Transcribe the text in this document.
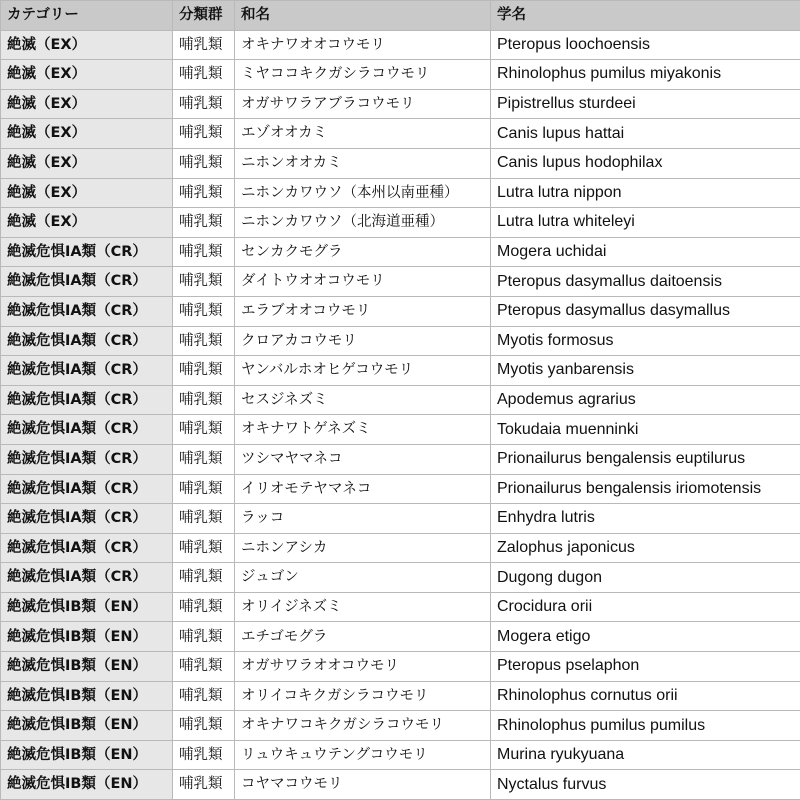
カテゴリー	分類群	和名	学名
絶滅（EX）	哺乳類	オキナワオオコウモリ	Pteropus loochoensis
絶滅（EX）	哺乳類	ミヤココキクガシラコウモリ	Rhinolophus pumilus miyakonis
絶滅（EX）	哺乳類	オガサワラアブラコウモリ	Pipistrellus sturdeei
絶滅（EX）	哺乳類	エゾオオカミ	Canis lupus hattai
絶滅（EX）	哺乳類	ニホンオオカミ	Canis lupus hodophilax
絶滅（EX）	哺乳類	ニホンカワウソ（本州以南亜種）	Lutra lutra nippon
絶滅（EX）	哺乳類	ニホンカワウソ（北海道亜種）	Lutra lutra whiteleyi
絶滅危惧IA類（CR）	哺乳類	センカクモグラ	Mogera uchidai
絶滅危惧IA類（CR）	哺乳類	ダイトウオオコウモリ	Pteropus dasymallus daitoensis
絶滅危惧IA類（CR）	哺乳類	エラブオオコウモリ	Pteropus dasymallus dasymallus
絶滅危惧IA類（CR）	哺乳類	クロアカコウモリ	Myotis formosus
絶滅危惧IA類（CR）	哺乳類	ヤンバルホオヒゲコウモリ	Myotis yanbarensis
絶滅危惧IA類（CR）	哺乳類	セスジネズミ	Apodemus agrarius
絶滅危惧IA類（CR）	哺乳類	オキナワトゲネズミ	Tokudaia muenninki
絶滅危惧IA類（CR）	哺乳類	ツシマヤマネコ	Prionailurus bengalensis euptilurus
絶滅危惧IA類（CR）	哺乳類	イリオモテヤマネコ	Prionailurus bengalensis iriomotensis
絶滅危惧IA類（CR）	哺乳類	ラッコ	Enhydra lutris
絶滅危惧IA類（CR）	哺乳類	ニホンアシカ	Zalophus japonicus
絶滅危惧IA類（CR）	哺乳類	ジュゴン	Dugong dugon
絶滅危惧IB類（EN）	哺乳類	オリイジネズミ	Crocidura orii
絶滅危惧IB類（EN）	哺乳類	エチゴモグラ	Mogera etigo
絶滅危惧IB類（EN）	哺乳類	オガサワラオオコウモリ	Pteropus pselaphon
絶滅危惧IB類（EN）	哺乳類	オリイコキクガシラコウモリ	Rhinolophus cornutus orii
絶滅危惧IB類（EN）	哺乳類	オキナワコキクガシラコウモリ	Rhinolophus pumilus pumilus
絶滅危惧IB類（EN）	哺乳類	リュウキュウテングコウモリ	Murina ryukyuana
絶滅危惧IB類（EN）	哺乳類	コヤマコウモリ	Nyctalus furvus
